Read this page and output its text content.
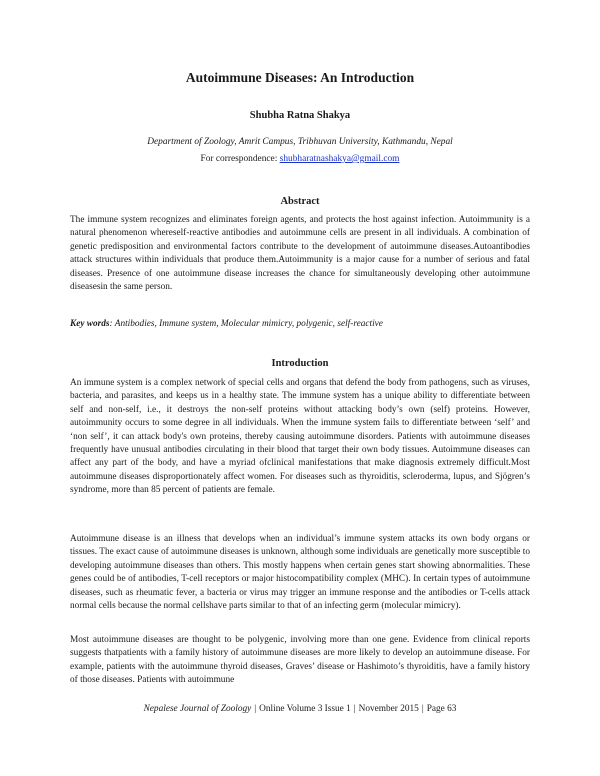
Autoimmune Diseases: An Introduction
Shubha Ratna Shakya
Department of Zoology, Amrit Campus, Tribhuvan University, Kathmandu, Nepal
For correspondence: shubharatnashakya@gmail.com
Abstract
The immune system recognizes and eliminates foreign agents, and protects the host against infection. Autoimmunity is a natural phenomenon whereself-reactive antibodies and autoimmune cells are present in all individuals. A combination of genetic predisposition and environmental factors contribute to the development of autoimmune diseases.Autoantibodies attack structures within individuals that produce them.Autoimmunity is a major cause for a number of serious and fatal diseases. Presence of one autoimmune disease increases the chance for simultaneously developing other autoimmune diseasesin the same person.
Key words: Antibodies, Immune system, Molecular mimicry, polygenic, self-reactive
Introduction
An immune system is a complex network of special cells and organs that defend the body from pathogens, such as viruses, bacteria, and parasites, and keeps us in a healthy state. The immune system has a unique ability to differentiate between self and non-self, i.e., it destroys the non-self proteins without attacking body’s own (self) proteins. However, autoimmunity occurs to some degree in all individuals. When the immune system fails to differentiate between ‘self’ and ‘non self’, it can attack body's own proteins, thereby causing autoimmune disorders. Patients with autoimmune diseases frequently have unusual antibodies circulating in their blood that target their own body tissues. Autoimmune diseases can affect any part of the body, and have a myriad ofclinical manifestations that make diagnosis extremely difficult.Most autoimmune diseases disproportionately affect women. For diseases such as thyroiditis, scleroderma, lupus, and Sjögren’s syndrome, more than 85 percent of patients are female.
Autoimmune disease is an illness that develops when an individual’s immune system attacks its own body organs or tissues. The exact cause of autoimmune diseases is unknown, although some individuals are genetically more susceptible to developing autoimmune diseases than others. This mostly happens when certain genes start showing abnormalities. These genes could be of antibodies, T-cell receptors or major histocompatibility complex (MHC). In certain types of autoimmune diseases, such as rheumatic fever, a bacteria or virus may trigger an immune response and the antibodies or T-cells attack normal cells because the normal cellshave parts similar to that of an infecting germ (molecular mimicry).
Most autoimmune diseases are thought to be polygenic, involving more than one gene. Evidence from clinical reports suggests thatpatients with a family history of autoimmune diseases are more likely to develop an autoimmune disease. For example, patients with the autoimmune thyroid diseases, Graves’ disease or Hashimoto’s thyroiditis, have a family history of those diseases. Patients with autoimmune
Nepalese Journal of Zoology | Online Volume 3 Issue 1 | November 2015 | Page 63
